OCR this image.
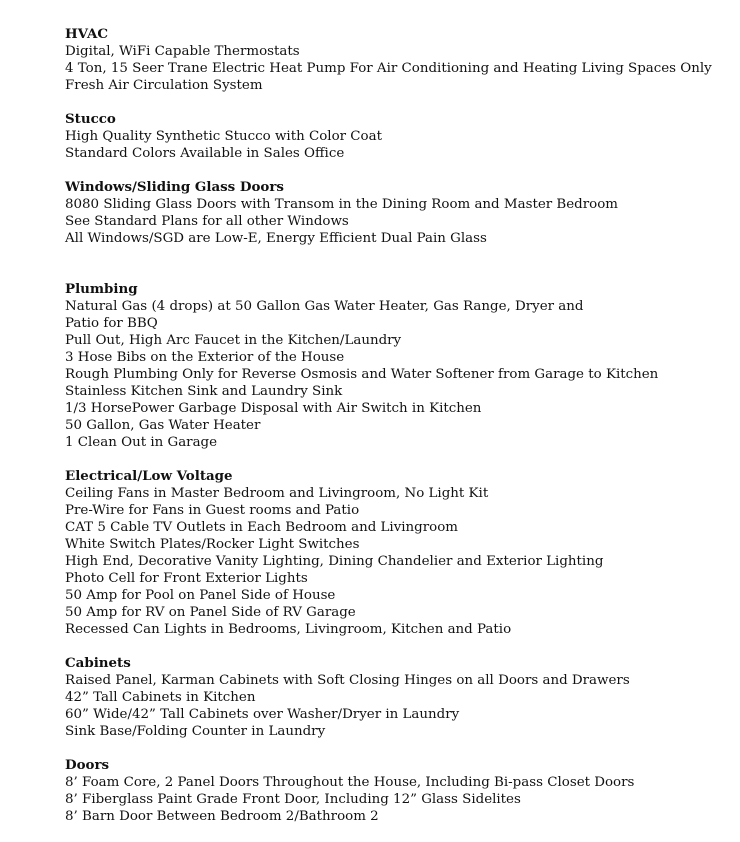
HVAC
Digital, WiFi Capable Thermostats
4 Ton, 15 Seer Trane Electric Heat Pump For Air Conditioning and Heating Living Spaces Only
Fresh Air Circulation System
Stucco
High Quality Synthetic Stucco with Color Coat
Standard Colors Available in Sales Office
Windows/Sliding Glass Doors
8080 Sliding Glass Doors with Transom in the Dining Room and Master Bedroom
See Standard Plans for all other Windows
All Windows/SGD are Low-E, Energy Efficient Dual Pain Glass
Plumbing
Natural Gas (4 drops) at 50 Gallon Gas Water Heater, Gas Range, Dryer and
Patio for BBQ
Pull Out, High Arc Faucet in the Kitchen/Laundry
3 Hose Bibs on the Exterior of the House
Rough Plumbing Only for Reverse Osmosis and Water Softener from Garage to Kitchen
Stainless Kitchen Sink and Laundry Sink
1/3 HorsePower Garbage Disposal with Air Switch in Kitchen
50 Gallon, Gas Water Heater
1 Clean Out in Garage
Electrical/Low Voltage
Ceiling Fans in Master Bedroom and Livingroom, No Light Kit
Pre-Wire for Fans in Guest rooms and Patio
CAT 5 Cable TV Outlets in Each Bedroom and Livingroom
White Switch Plates/Rocker Light Switches
High End, Decorative Vanity Lighting, Dining Chandelier and Exterior Lighting
Photo Cell for Front Exterior Lights
50 Amp for Pool on Panel Side of House
50 Amp for RV on Panel Side of RV Garage
Recessed Can Lights in Bedrooms, Livingroom, Kitchen and Patio
Cabinets
Raised Panel, Karman Cabinets with Soft Closing Hinges on all Doors and Drawers
42” Tall Cabinets in Kitchen
60” Wide/42” Tall Cabinets over Washer/Dryer in Laundry
Sink Base/Folding Counter in Laundry
Doors
8’ Foam Core, 2 Panel Doors Throughout the House, Including Bi-pass Closet Doors
8’ Fiberglass Paint Grade Front Door, Including 12” Glass Sidelites
8’ Barn Door Between Bedroom 2/Bathroom 2
